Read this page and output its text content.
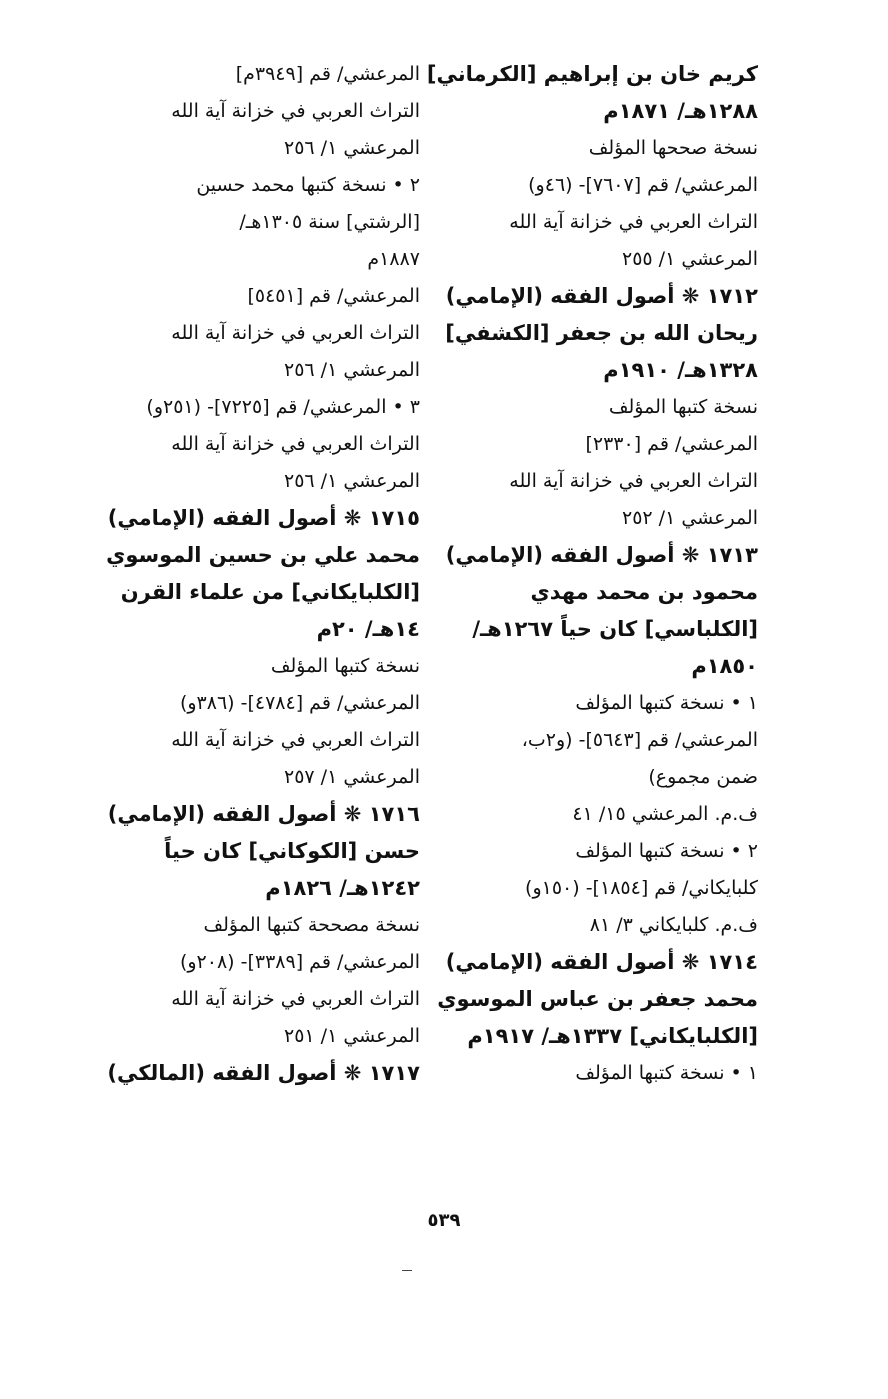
كريم خان بن إبراهيم [الكرماني]
١٢٨٨هـ/ ١٨٧١م
نسخة صححها المؤلف
المرعشي/ قم [٧٦٠٧]- (٤٦و)
التراث العربي في خزانة آية الله
المرعشي ١/ ٢٥٥
١٧١٢ ❋ أصول الفقه (الإمامي)
ريحان الله بن جعفر [الكشفي]
١٣٢٨هـ/ ١٩١٠م
نسخة كتبها المؤلف
المرعشي/ قم [٢٣٣٠]
التراث العربي في خزانة آية الله
المرعشي ١/ ٢٥٢
١٧١٣ ❋ أصول الفقه (الإمامي)
محمود بن محمد مهدي
[الكلباسي] كان حياً ١٢٦٧هـ/
١٨٥٠م
١ • نسخة كتبها المؤلف
المرعشي/ قم [٥٦٤٣]- (و٢ب،
ضمن مجموع)
ف.م. المرعشي ١٥/ ٤١
٢ • نسخة كتبها المؤلف
كلبايكاني/ قم [١٨٥٤]- (١٥٠و)
ف.م. كلبايكاني ٣/ ٨١
١٧١٤ ❋ أصول الفقه (الإمامي)
محمد جعفر بن عباس الموسوي
[الكلبايكاني] ١٣٣٧هـ/ ١٩١٧م
١ • نسخة كتبها المؤلف
المرعشي/ قم [٣٩٤٩م]
التراث العربي في خزانة آية الله
المرعشي ١/ ٢٥٦
٢ • نسخة كتبها محمد حسين
[الرشتي] سنة ١٣٠٥هـ/
١٨٨٧م
المرعشي/ قم [٥٤٥١]
التراث العربي في خزانة آية الله
المرعشي ١/ ٢٥٦
٣ • المرعشي/ قم [٧٢٢٥]- (٢٥١و)
التراث العربي في خزانة آية الله
المرعشي ١/ ٢٥٦
١٧١٥ ❋ أصول الفقه (الإمامي)
محمد علي بن حسين الموسوي
[الكلبايكاني] من علماء القرن
١٤هـ/ ٢٠م
نسخة كتبها المؤلف
المرعشي/ قم [٤٧٨٤]- (٣٨٦و)
التراث العربي في خزانة آية الله
المرعشي ١/ ٢٥٧
١٧١٦ ❋ أصول الفقه (الإمامي)
حسن [الكوكاني] كان حياً
١٢٤٢هـ/ ١٨٢٦م
نسخة مصححة كتبها المؤلف
المرعشي/ قم [٣٣٨٩]- (٢٠٨و)
التراث العربي في خزانة آية الله
المرعشي ١/ ٢٥١
١٧١٧ ❋ أصول الفقه (المالكي)
٥٣٩
